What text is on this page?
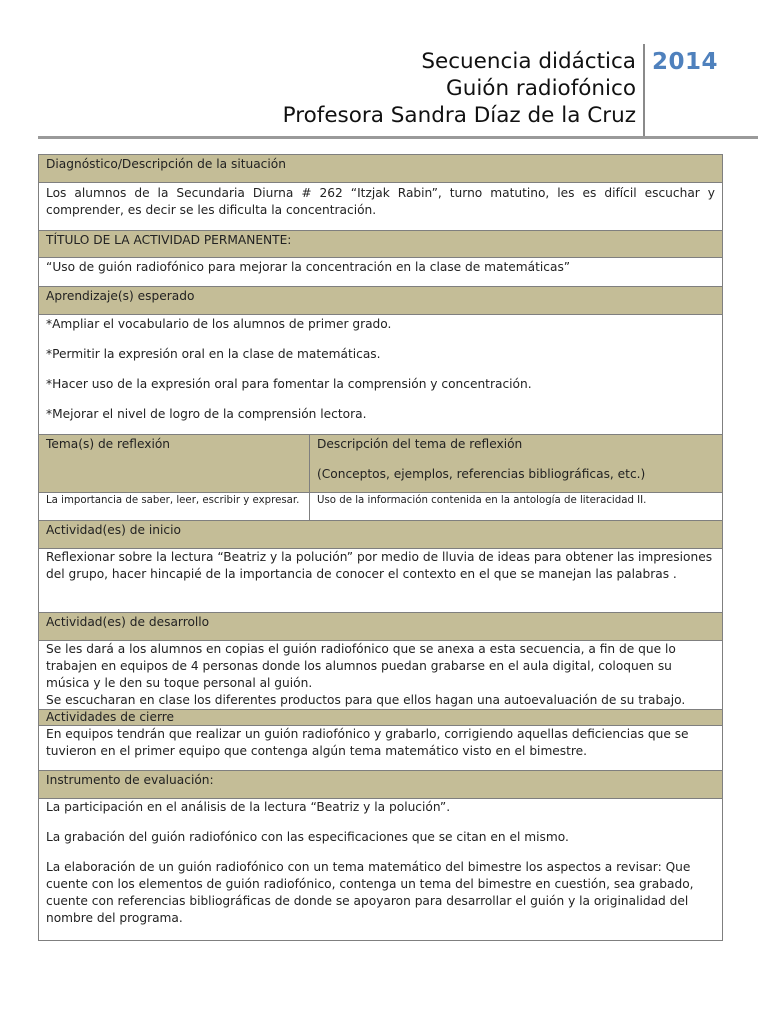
Secuencia didáctica
Guión radiofónico
Profesora Sandra Díaz de la Cruz
2014
Diagnóstico/Descripción de la situación	
Los alumnos de la Secundaria Diurna # 262 “Itzjak Rabin”, turno matutino, les es difícil escuchar y comprender, es decir se les dificulta la concentración.	
TÍTULO DE LA ACTIVIDAD PERMANENTE:	
“Uso de guión radiofónico para mejorar la concentración en la clase de matemáticas”	
Aprendizaje(s) esperado	

*Ampliar el vocabulario de los alumnos de primer grado.

*Permitir la expresión oral en la clase de matemáticas.

*Hacer uso de la expresión oral para fomentar la comprensión y concentración.

*Mejorar el nivel de logro de la comprensión lectora.	

Tema(s) de reflexión	Descripción del tema de reflexión

(Conceptos, ejemplos, referencias bibliográficas, etc.)

La importancia de saber, leer, escribir y expresar.	Uso de la información contenida en la antología de literacidad II.
Actividad(es) de inicio	
Reflexionar sobre la lectura “Beatriz y la polución” por medio de lluvia de ideas para obtener las impresiones del grupo, hacer hincapié de la importancia de conocer el contexto en el que se manejan las palabras .	
Actividad(es) de desarrollo	

Se les dará a los alumnos en copias el guión radiofónico que se anexa a esta secuencia, a fin de que lo trabajen en equipos de 4 personas donde los alumnos puedan grabarse en el aula digital, coloquen su música y le den su toque personal al guión.

Se escucharan en clase los diferentes productos para que ellos hagan una autoevaluación de su trabajo.	

Actividades de cierre	
En equipos tendrán que realizar un guión radiofónico y grabarlo, corrigiendo aquellas deficiencias que se tuvieron en el primer equipo que contenga algún tema matemático visto en el bimestre.	
Instrumento de evaluación:	

La participación en el análisis de la lectura “Beatriz y la polución”.

La grabación del guión radiofónico con las especificaciones que se citan en el mismo.

La elaboración de un guión radiofónico con un tema matemático del bimestre los aspectos a revisar: Que cuente con los elementos de guión radiofónico, contenga un tema del bimestre en cuestión, sea grabado, cuente con referencias bibliográficas de donde se apoyaron para desarrollar el guión y la originalidad del nombre del programa.	
